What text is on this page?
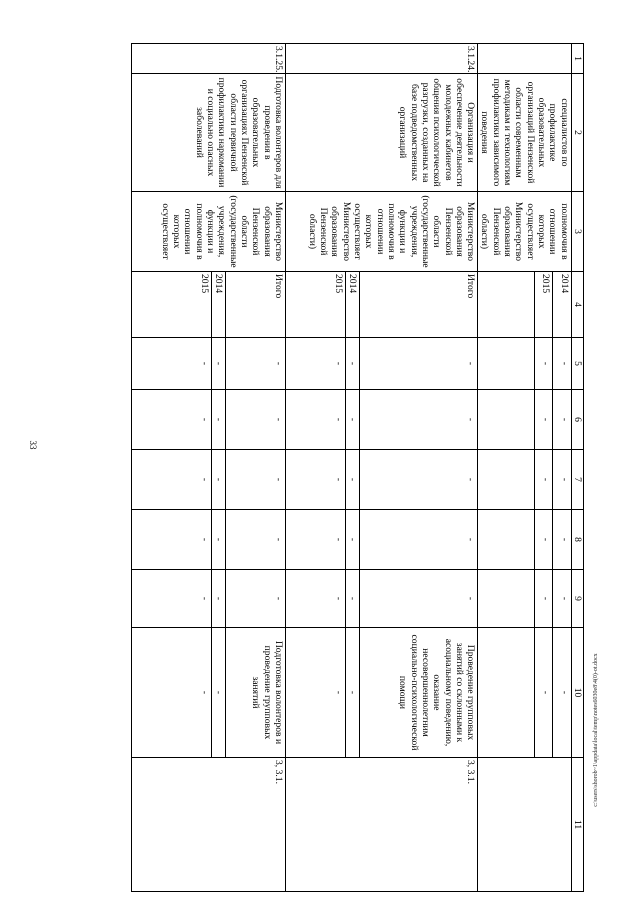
33
c:\users\shorob~1\appdata\local\temp\notes6030e8\4(0)-ot.docx
1	2	3	4	5	6	7	8	9	10	11
	специалистов по профилактике образовательных организаций Пензенской области современным методикам и технологиям профилактики зависимого поведения	полномочия в отношении которых осуществляет Министерство образования Пензенской области)	2014	-	-	-	-	-	-	
			2015	-	-	-	-	-	-	

3.1.24.	Организация и обеспечение деятельности молодежных кабинетов общения психологической разгрузки, созданных на базе подведомственных организаций	Министерство образования Пензенской области (государственные учреждения, функции и полномочия в отношении которых осуществляет Министерство образования Пензенской области)	Итого	-	-	-	-	-	Проведение групповых занятий со склонными к асоциальному поведению, оказание несовершеннолетним социально-психологической помощи	3, 3.1.
			2014	-	-	-	-	-	-	
			2015	-	-	-	-	-	-	
3.1.25.	Подготовка волонтеров для проведения в образовательных организациях Пензенской области первичной профилактики наркомании и социально опасных заболеваний	Министерство образования Пензенской области (государственные учреждения, функции и полномочия в отношении которых осуществляет	Итого	-	-	-	-	-	Подготовка волонтеров и проведение групповых занятий	3, 3.1.
			2014	-	-	-	-	-	-	
			2015	-	-	-	-	-	-	
